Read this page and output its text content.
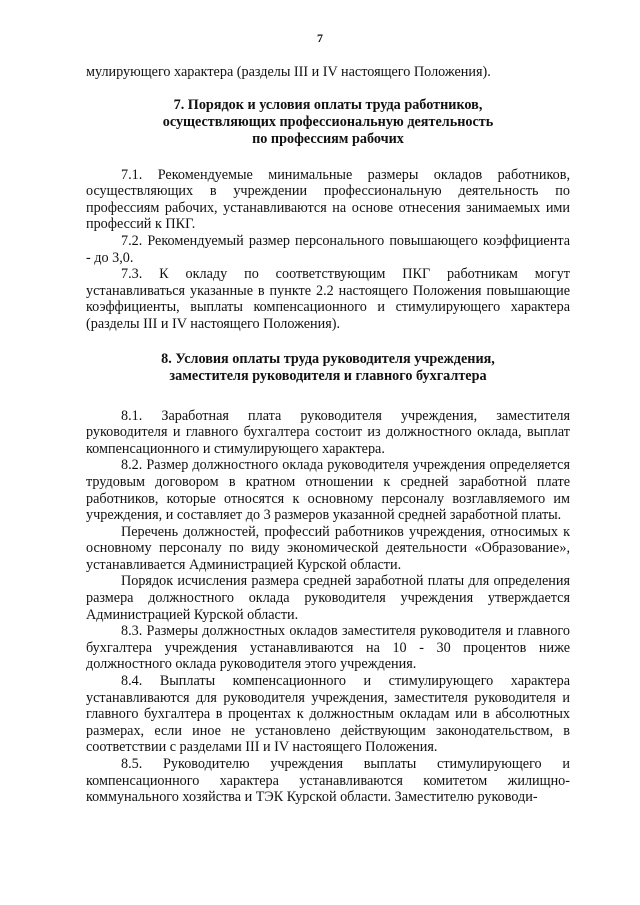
7

мулирующего характера (разделы III и IV настоящего Положения).

7. Порядок и условия оплаты труда работников,

осуществляющих профессиональную деятельность

по профессиям рабочих

7.1. Рекомендуемые минимальные размеры окладов работников, осуществляющих в учреждении профессиональную деятельность по профессиям рабочих, устанавливаются на основе отнесения занимаемых ими профессий к ПКГ.

7.2. Рекомендуемый размер персонального повышающего коэффициента - до 3,0.

7.3. К окладу по соответствующим ПКГ работникам могут устанавливаться указанные в пункте 2.2 настоящего Положения повышающие коэффициенты, выплаты компенсационного и стимулирующего характера (разделы III и IV настоящего Положения).

8. Условия оплаты труда руководителя учреждения,

заместителя руководителя и главного бухгалтера

8.1. Заработная плата руководителя учреждения, заместителя руководителя и главного бухгалтера состоит из должностного оклада, выплат компенсационного и стимулирующего характера.

8.2. Размер должностного оклада руководителя учреждения определяется трудовым договором в кратном отношении к средней заработной плате работников, которые относятся к основному персоналу возглавляемого им учреждения, и составляет до 3 размеров указанной средней заработной платы.

Перечень должностей, профессий работников учреждения, относимых к основному персоналу по виду экономической деятельности «Образование», устанавливается Администрацией Курской области.

Порядок исчисления размера средней заработной платы для определения размера должностного оклада руководителя учреждения утверждается Администрацией Курской области.

8.3. Размеры должностных окладов заместителя руководителя и главного бухгалтера учреждения устанавливаются на 10 - 30 процентов ниже должностного оклада руководителя этого учреждения.

8.4. Выплаты компенсационного и стимулирующего характера устанавливаются для руководителя учреждения, заместителя руководителя и главного бухгалтера в процентах к должностным окладам или в абсолютных размерах, если иное не установлено действующим законодательством, в соответствии с разделами III и IV настоящего Положения.

8.5. Руководителю учреждения выплаты стимулирующего и компенсационного характера устанавливаются комитетом жилищно-коммунального хозяйства и ТЭК Курской области. Заместителю руководи-
